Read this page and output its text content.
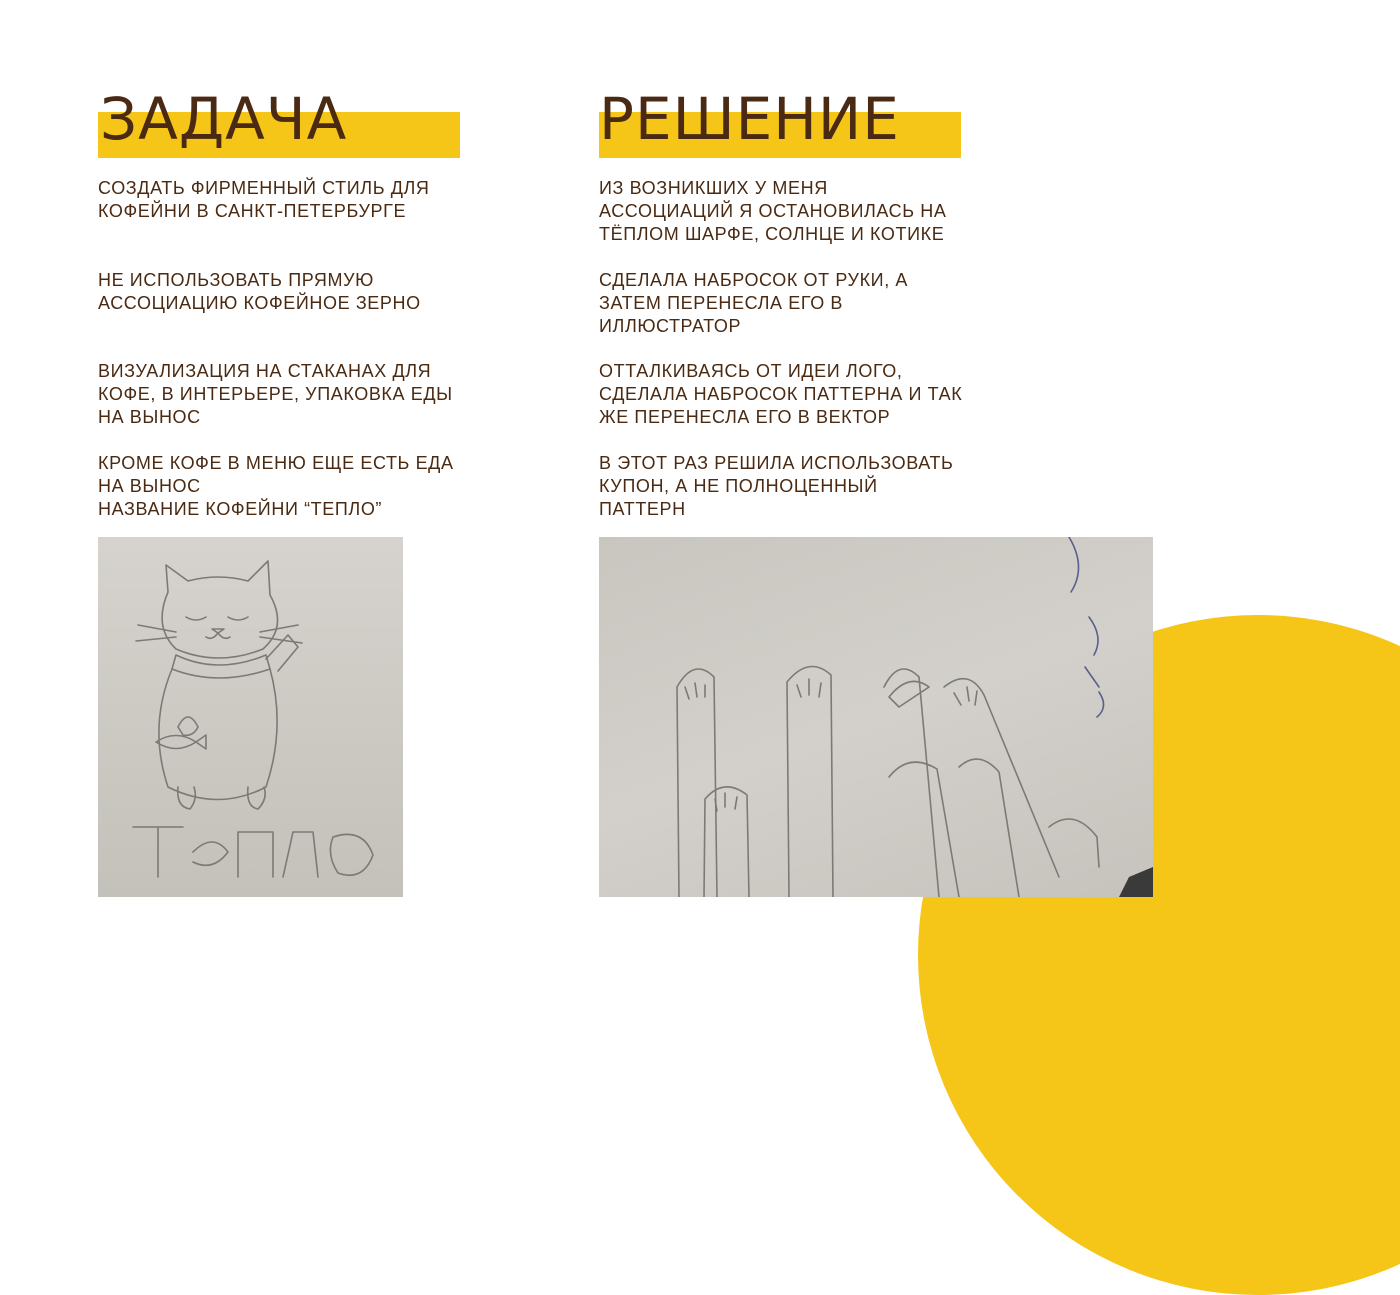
ЗАДАЧА

СОЗДАТЬ ФИРМЕННЫЙ СТИЛЬ ДЛЯ
КОФЕЙНИ В САНКТ-ПЕТЕРБУРГЕ

НЕ ИСПОЛЬЗОВАТЬ ПРЯМУЮ
АССОЦИАЦИЮ КОФЕЙНОЕ ЗЕРНО

ВИЗУАЛИЗАЦИЯ НА СТАКАНАХ ДЛЯ
КОФЕ, В ИНТЕРЬЕРЕ, УПАКОВКА ЕДЫ
НА ВЫНОС

КРОМЕ КОФЕ В МЕНЮ ЕЩЕ ЕСТЬ ЕДА
НА ВЫНОС
НАЗВАНИЕ КОФЕЙНИ “ТЕПЛО”

РЕШЕНИЕ

ИЗ ВОЗНИКШИХ У МЕНЯ
АССОЦИАЦИЙ Я ОСТАНОВИЛАСЬ НА
ТЁПЛОМ ШАРФЕ, СОЛНЦЕ И КОТИКЕ

СДЕЛАЛА НАБРОСОК ОТ РУКИ, А
ЗАТЕМ ПЕРЕНЕСЛА ЕГО В
ИЛЛЮСТРАТОР

ОТТАЛКИВАЯСЬ ОТ ИДЕИ ЛОГО,
СДЕЛАЛА НАБРОСОК ПАТТЕРНА И ТАК
ЖЕ ПЕРЕНЕСЛА ЕГО В ВЕКТОР

В ЭТОТ РАЗ РЕШИЛА ИСПОЛЬЗОВАТЬ
КУПОН, А НЕ ПОЛНОЦЕННЫЙ
ПАТТЕРН
